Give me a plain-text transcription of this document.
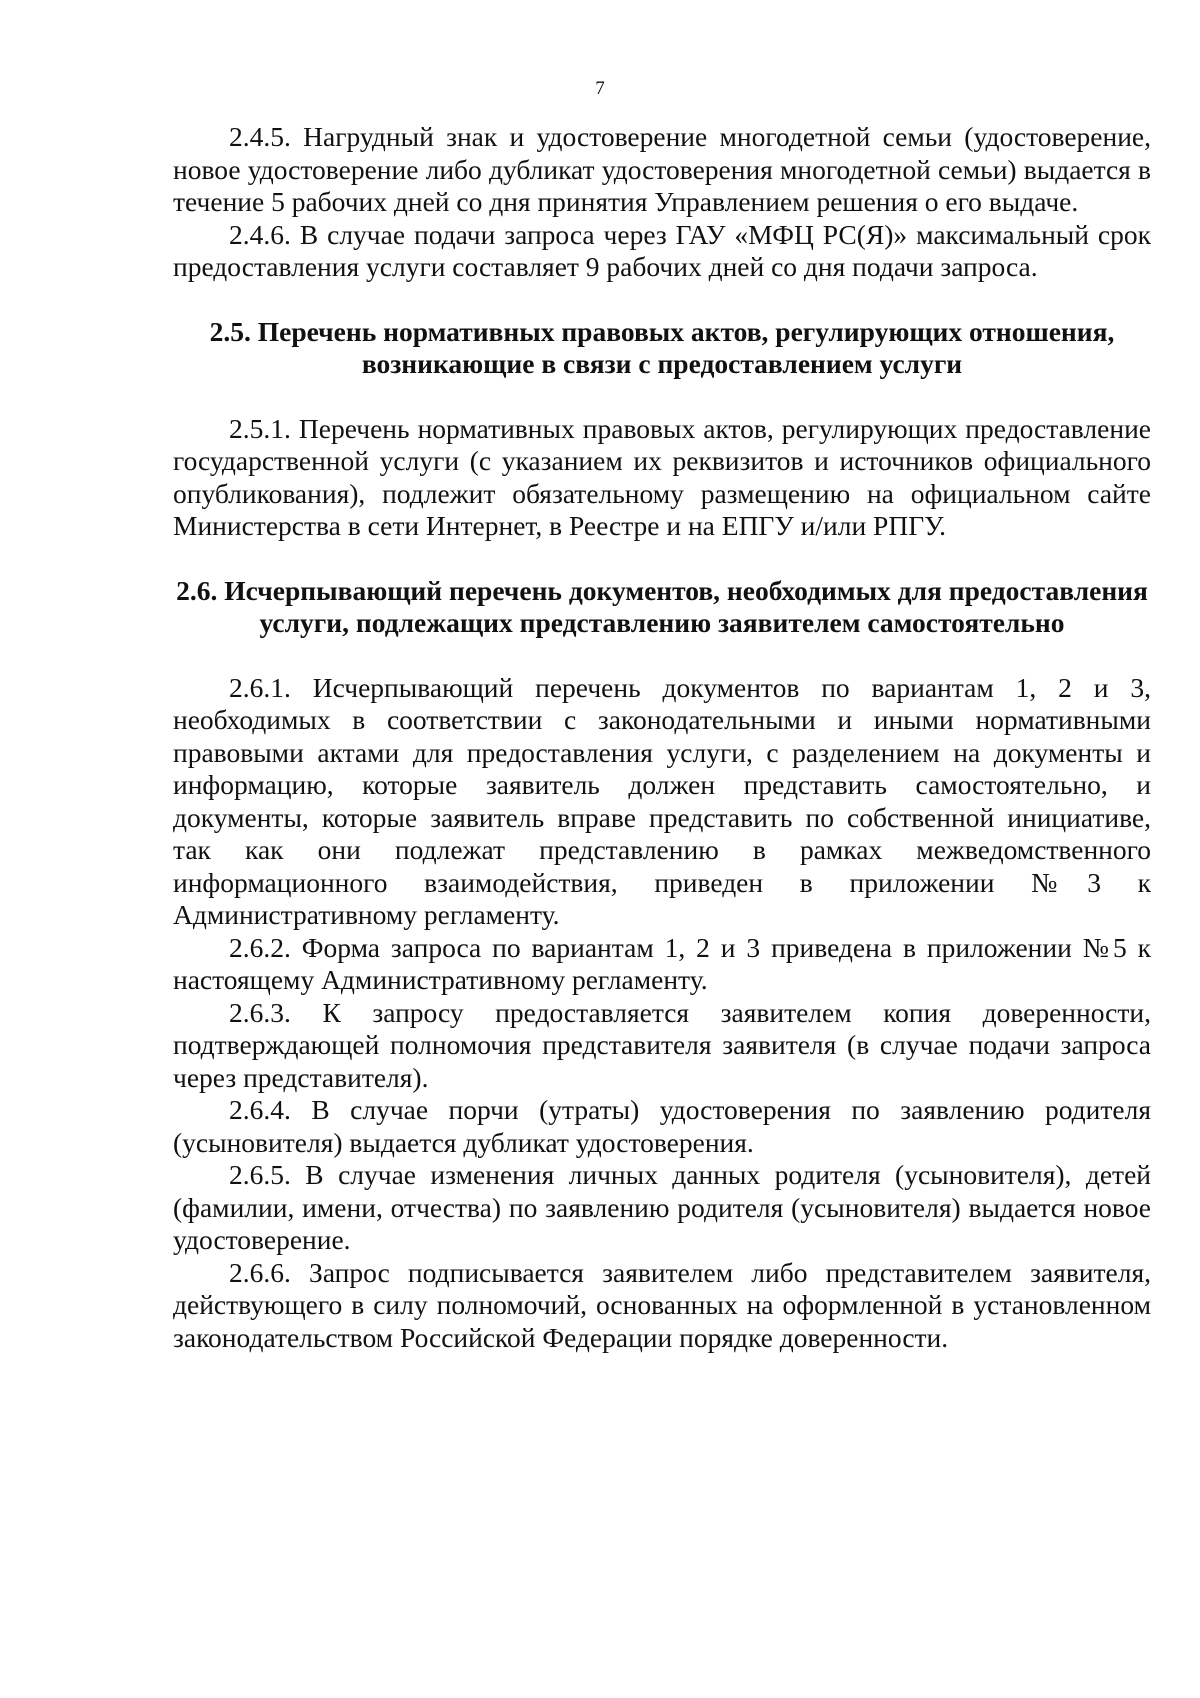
7

2.4.5. Нагрудный знак и удостоверение многодетной семьи (удостоверение, новое удостоверение либо дубликат удостоверения многодетной семьи) выдается в течение 5 рабочих дней со дня принятия Управлением решения о его выдаче.

2.4.6. В случае подачи запроса через ГАУ «МФЦ РС(Я)» максимальный срок предоставления услуги составляет 9 рабочих дней со дня подачи запроса.

2.5. Перечень нормативных правовых актов, регулирующих отношения, возникающие в связи с предоставлением услуги

2.5.1. Перечень нормативных правовых актов, регулирующих предоставление государственной услуги (с указанием их реквизитов и источников официального опубликования), подлежит обязательному размещению на официальном сайте Министерства в сети Интернет, в Реестре и на ЕПГУ и/или РПГУ.

2.6. Исчерпывающий перечень документов, необходимых для предоставления услуги, подлежащих представлению заявителем самостоятельно

2.6.1. Исчерпывающий перечень документов по вариантам 1, 2 и 3, необходимых в соответствии с законодательными и иными нормативными правовыми актами для предоставления услуги, с разделением на документы и информацию, которые заявитель должен представить самостоятельно, и документы, которые заявитель вправе представить по собственной инициативе, так как они подлежат представлению в рамках межведомственного информационного взаимодействия, приведен в приложении №3 к Административному регламенту.

2.6.2. Форма запроса по вариантам 1, 2 и 3 приведена в приложении №5 к настоящему Административному регламенту.

2.6.3. К запросу предоставляется заявителем копия доверенности, подтверждающей полномочия представителя заявителя (в случае подачи запроса через представителя).

2.6.4. В случае порчи (утраты) удостоверения по заявлению родителя (усыновителя) выдается дубликат удостоверения.

2.6.5. В случае изменения личных данных родителя (усыновителя), детей (фамилии, имени, отчества) по заявлению родителя (усыновителя) выдается новое удостоверение.

2.6.6. Запрос подписывается заявителем либо представителем заявителя, действующего в силу полномочий, основанных на оформленной в установленном законодательством Российской Федерации порядке доверенности.
